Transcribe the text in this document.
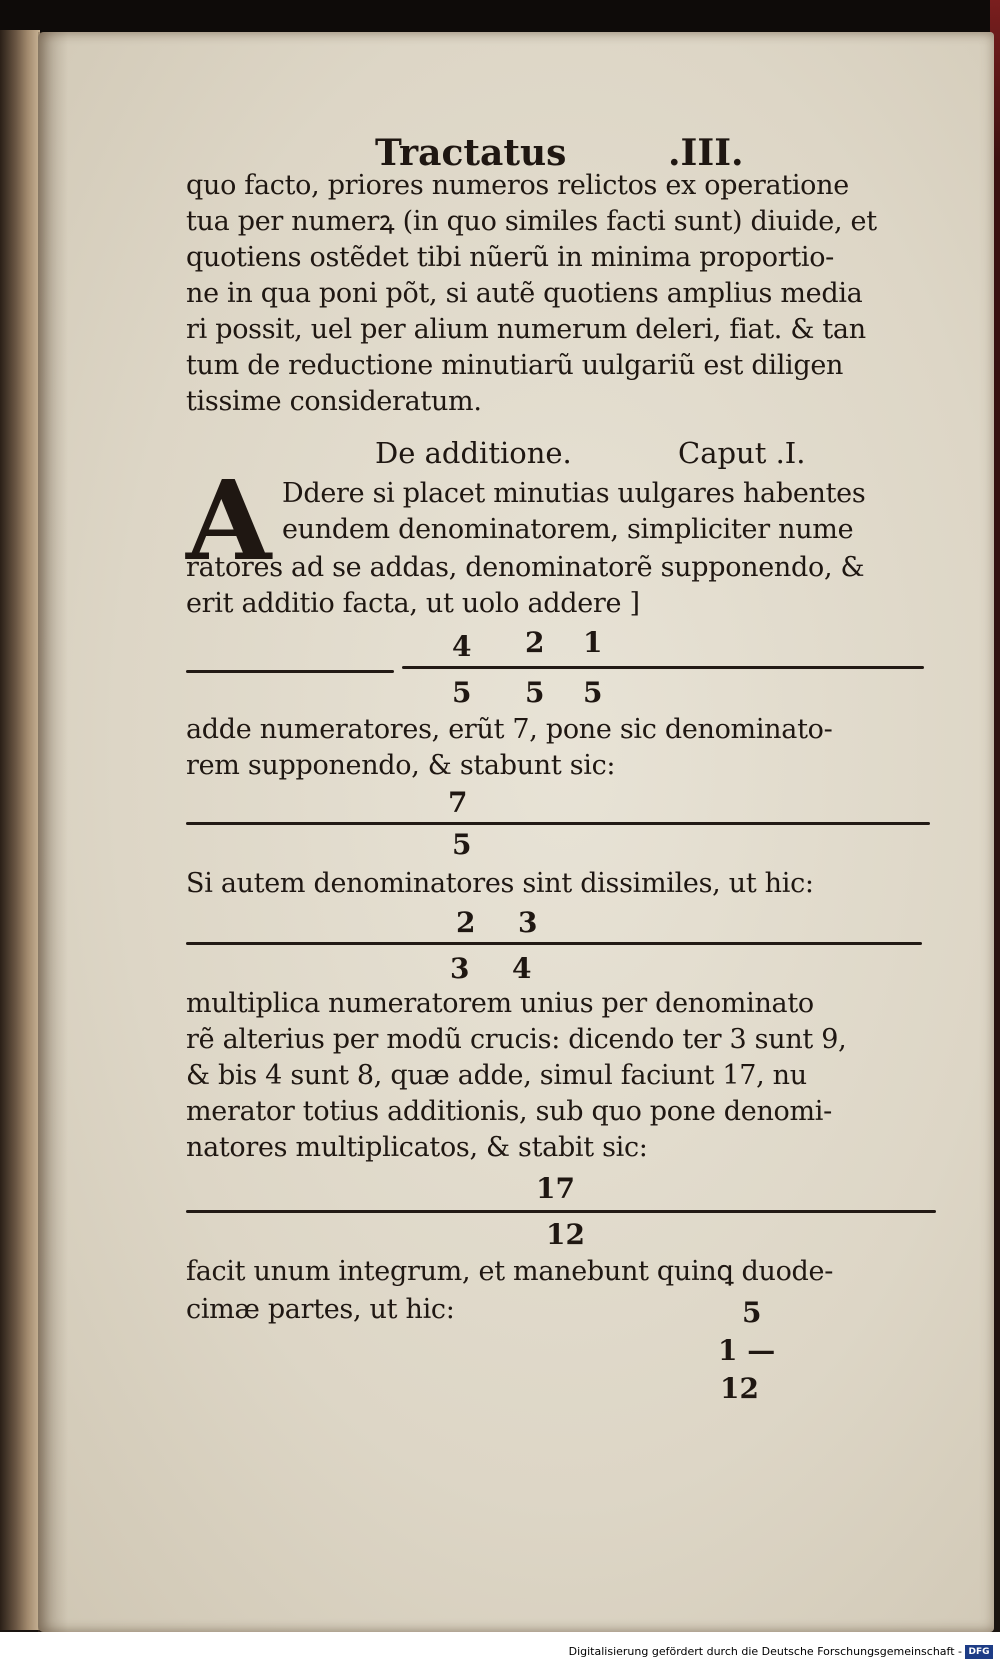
Tractatus	.III.
quo facto, priores numeros relictos ex operatione
tua per numerꝝ (in quo similes facti sunt) diuide, et
quotiens ostẽdet tibi nũerũ in minima proportio-
ne in qua poni põt, si autẽ quotiens amplius media
ri possit, uel per alium numerum deleri, fiat. & tan
tum de reductione minutiarũ uulgariũ est diligen
tissime consideratum.
De additione.	Caput .I.
A Ddere si placet minutias uulgares habentes
eundem denominatorem, simpliciter nume
ratores ad se addas, denominatorẽ supponendo, &
erit additio facta, ut uolo addere ]
4 2 1
5 5 5
adde numeratores, erũt 7, pone sic denominato-
rem supponendo, & stabunt sic:
7
5
Si autem denominatores sint dissimiles, ut hic:
2 3
3 4
multiplica numeratorem unius per denominato
rẽ alterius per modũ crucis: dicendo ter 3 sunt 9,
& bis 4 sunt 8, quæ adde, simul faciunt 17, nu
merator totius additionis, sub quo pone denomi-
natores multiplicatos, & stabit sic:
17
12
facit unum integrum, et manebunt quinꝗ duode-
cimæ partes, ut hic:	5
1 —
12
Digitalisierung gefördert durch die Deutsche Forschungsgemeinschaft - DFG
